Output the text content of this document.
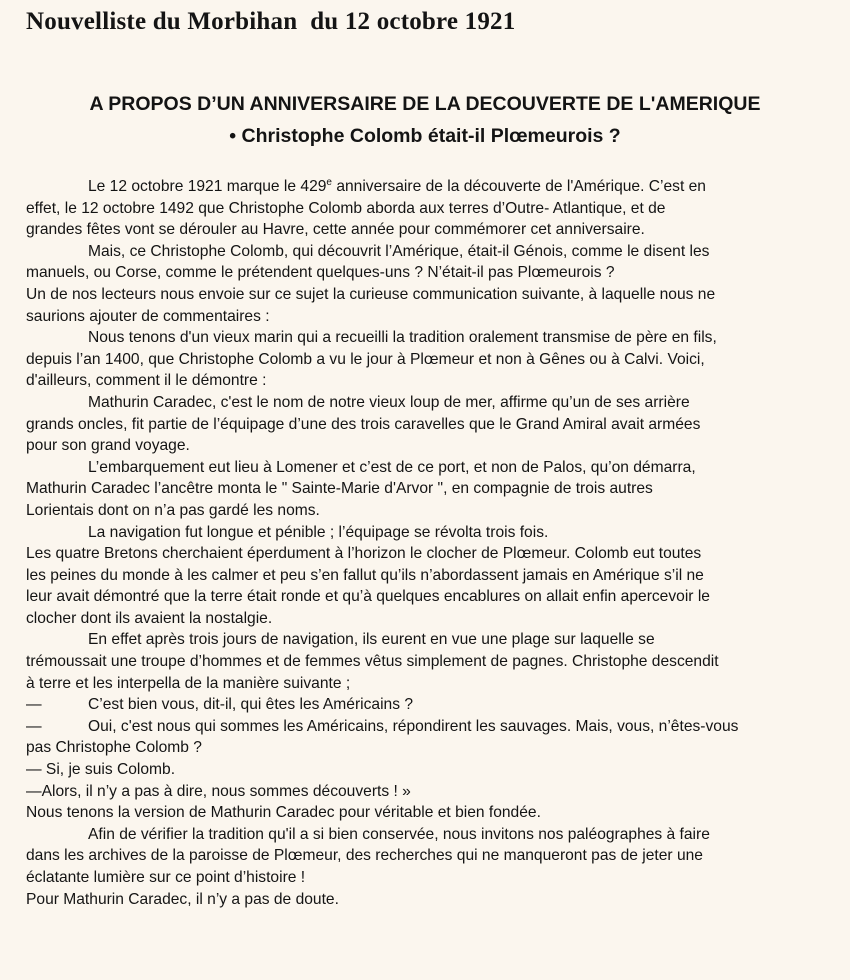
Nouvelliste du Morbihan  du 12 octobre 1921
A PROPOS D’UN ANNIVERSAIRE DE LA DECOUVERTE DE L'AMERIQUE
• Christophe Colomb était-il Plœmeurois ?

Le 12 octobre 1921 marque le 429e anniversaire de la découverte de l'Amérique. C’est en

effet, le 12 octobre 1492 que Christophe Colomb aborda aux terres d’Outre- Atlantique, et de

grandes fêtes vont se dérouler au Havre, cette année pour commémorer cet anniversaire.

Mais, ce Christophe Colomb, qui découvrit l’Amérique, était-il Génois, comme le disent les

manuels, ou Corse, comme le prétendent quelques-uns ? N’était-il pas Plœmeurois ?

Un de nos lecteurs nous envoie sur ce sujet la curieuse communication suivante, à laquelle nous ne

saurions ajouter de commentaires :

Nous tenons d'un vieux marin qui a recueilli la tradition oralement transmise de père en fils,

depuis l’an 1400, que Christophe Colomb a vu le jour à Plœmeur et non à Gênes ou à Calvi. Voici,

d'ailleurs, comment il le démontre :

Mathurin Caradec, c'est le nom de notre vieux loup de mer, affirme qu’un de ses arrière

grands oncles, fit partie de l’équipage d’une des trois caravelles que le Grand Amiral avait armées

pour son grand voyage.

L’embarquement eut lieu à Lomener et c’est de ce port, et non de Palos, qu’on démarra,

Mathurin Caradec l’ancêtre monta le " Sainte-Marie d'Arvor ", en compagnie de trois autres

Lorientais dont on n’a pas gardé les noms.

La navigation fut longue et pénible ; l’équipage se révolta trois fois.

Les quatre Bretons cherchaient éperdument à l’horizon le clocher de Plœmeur. Colomb eut toutes

les peines du monde à les calmer et peu s’en fallut qu’ils n’abordassent jamais en Amérique s’il ne

leur avait démontré que la terre était ronde et qu’à quelques encablures on allait enfin apercevoir le

clocher dont ils avaient la nostalgie.

En effet après trois jours de navigation, ils eurent en vue une plage sur laquelle se

trémoussait une troupe d’hommes et de femmes vêtus simplement de pagnes. Christophe descendit

à terre et les interpella de la manière suivante ;

—	C’est bien vous, dit-il, qui êtes les Américains ?

—	Oui, c'est nous qui sommes les Américains, répondirent les sauvages. Mais, vous, n’êtes-vous

pas Christophe Colomb ?

— Si, je suis Colomb.

—Alors, il n’y a pas à dire, nous sommes découverts ! »

Nous tenons la version de Mathurin Caradec pour véritable et bien fondée.

Afin de vérifier la tradition qu'il a si bien conservée, nous invitons nos paléographes à faire

dans les archives de la paroisse de Plœmeur, des recherches qui ne manqueront pas de jeter une

éclatante lumière sur ce point d’histoire !

Pour Mathurin Caradec, il n’y a pas de doute.
